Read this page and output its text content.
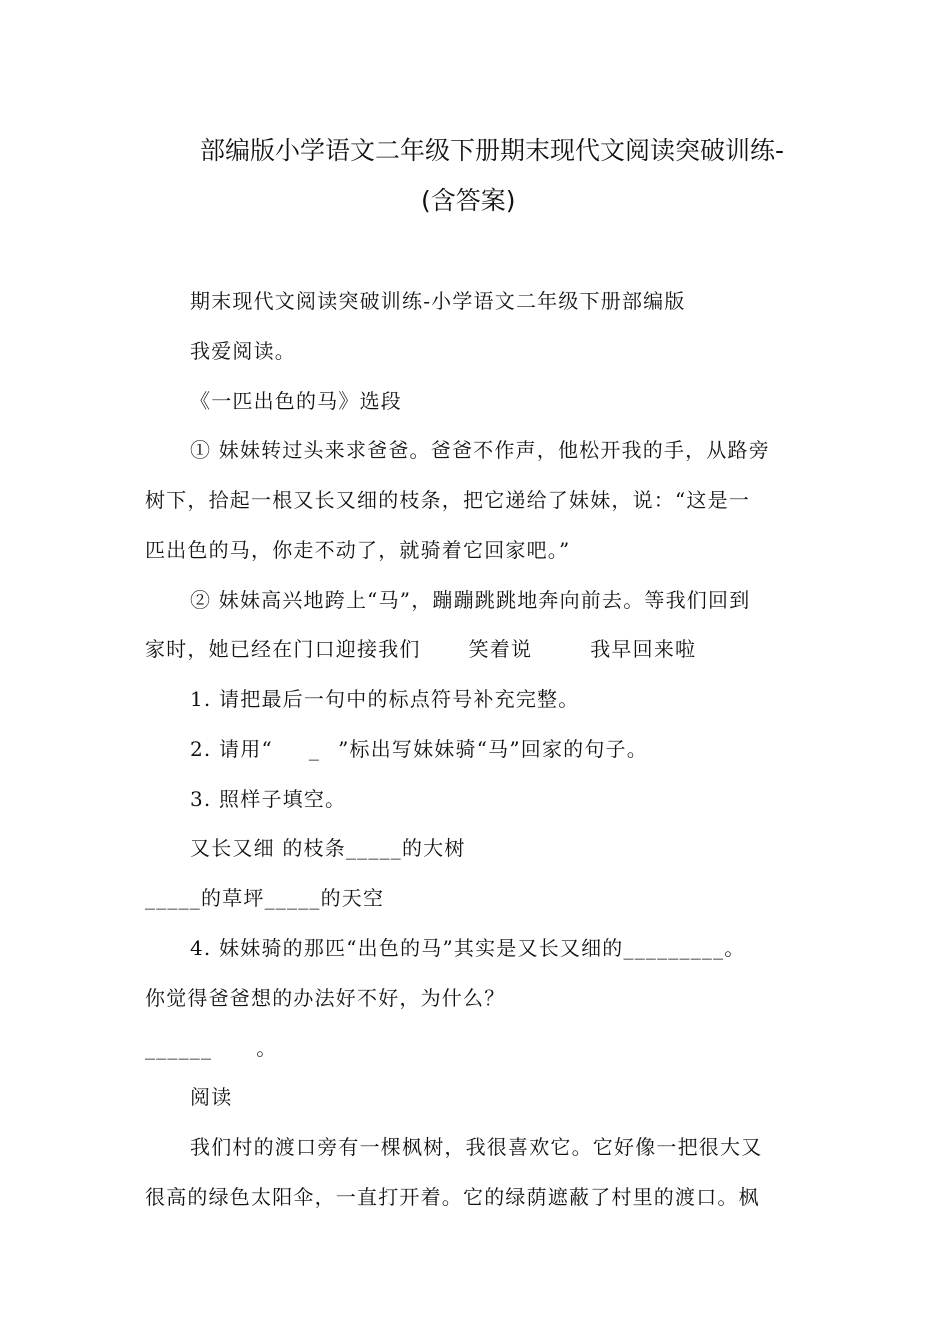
部编版小学语文二年级下册期末现代文阅读突破训练-
(含答案)
期末现代文阅读突破训练-小学语文二年级下册部编版
我爱阅读。
《一匹出色的马》选段
① 妹妹转过头来求爸爸。爸爸不作声，他松开我的手，从路旁
树下，拾起一根又长又细的枝条，把它递给了妹妹，说：“这是一
匹出色的马，你走不动了，就骑着它回家吧。”
② 妹妹高兴地跨上“马”，蹦蹦跳跳地奔向前去。等我们回到
家时，她已经在门口迎接我们 笑着说	我早回来啦
1. 请把最后一句中的标点符号补充完整。
2. 请用“ _ ”标出写妹妹骑“马”回家的句子。
3. 照样子填空。
又长又细 的枝条_____的大树
_____的草坪_____的天空
4. 妹妹骑的那匹“出色的马”其实是又长又细的_________。
你觉得爸爸想的办法好不好，为什么？
______ 。
阅读
我们村的渡口旁有一棵枫树，我很喜欢它。它好像一把很大又
很高的绿色太阳伞，一直打开着。它的绿荫遮蔽了村里的渡口。枫
